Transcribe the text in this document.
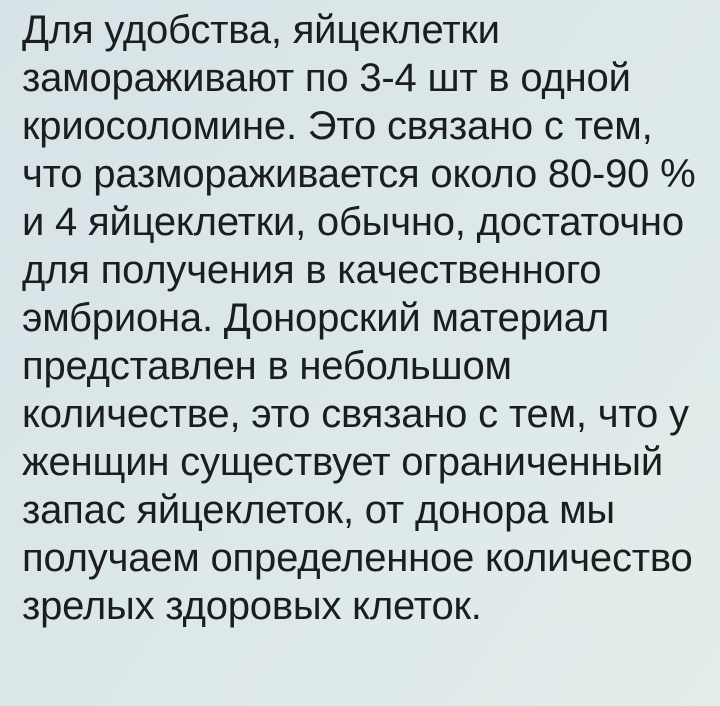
Для удобства, яйцеклетки
замораживают по 3-4 шт в одной
криосоломине. Это связано с тем,
что размораживается около 80-90 %
и 4 яйцеклетки, обычно, достаточно
для получения в качественного
эмбриона. Донорский материал
представлен в небольшом
количестве, это связано с тем, что у
женщин существует ограниченный
запас яйцеклеток, от донора мы
получаем определенное количество
зрелых здоровых клеток.
